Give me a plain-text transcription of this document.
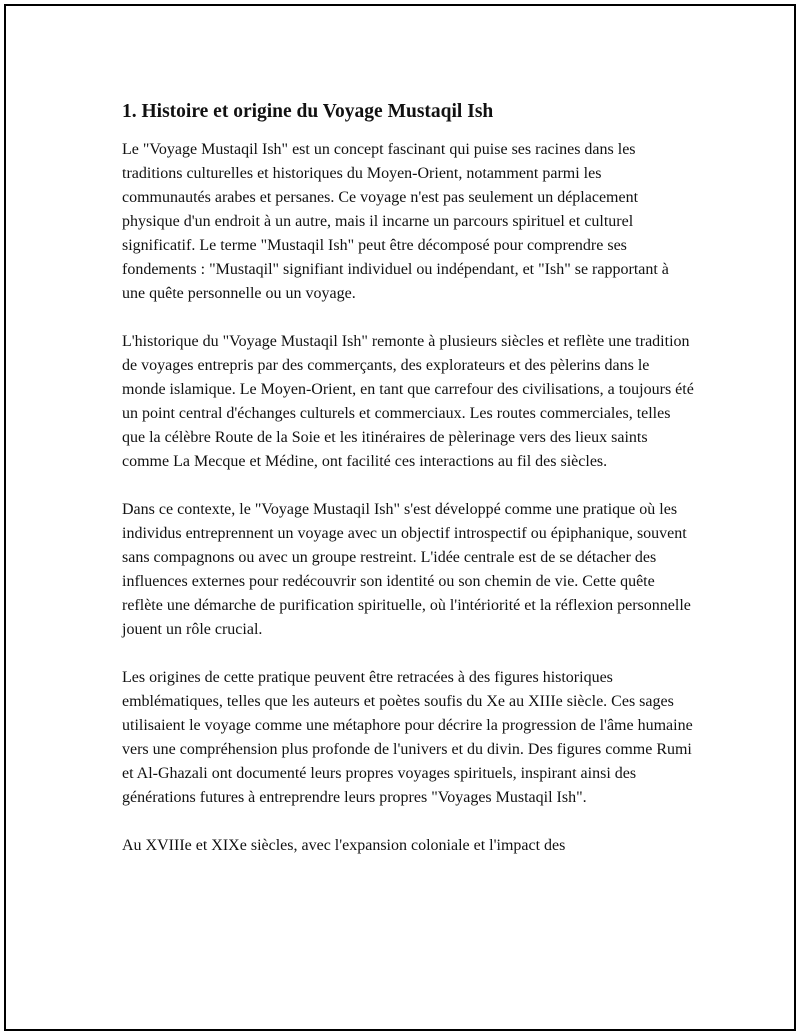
1. Histoire et origine du Voyage Mustaqil Ish

Le "Voyage Mustaqil Ish" est un concept fascinant qui puise ses racines dans les traditions culturelles et historiques du Moyen-Orient, notamment parmi les communautés arabes et persanes. Ce voyage n'est pas seulement un déplacement physique d'un endroit à un autre, mais il incarne un parcours spirituel et culturel significatif. Le terme "Mustaqil Ish" peut être décomposé pour comprendre ses fondements : "Mustaqil" signifiant individuel ou indépendant, et "Ish" se rapportant à une quête personnelle ou un voyage.

L'historique du "Voyage Mustaqil Ish" remonte à plusieurs siècles et reflète une tradition de voyages entrepris par des commerçants, des explorateurs et des pèlerins dans le monde islamique. Le Moyen-Orient, en tant que carrefour des civilisations, a toujours été un point central d'échanges culturels et commerciaux. Les routes commerciales, telles que la célèbre Route de la Soie et les itinéraires de pèlerinage vers des lieux saints comme La Mecque et Médine, ont facilité ces interactions au fil des siècles.

Dans ce contexte, le "Voyage Mustaqil Ish" s'est développé comme une pratique où les individus entreprennent un voyage avec un objectif introspectif ou épiphanique, souvent sans compagnons ou avec un groupe restreint. L'idée centrale est de se détacher des influences externes pour redécouvrir son identité ou son chemin de vie. Cette quête reflète une démarche de purification spirituelle, où l'intériorité et la réflexion personnelle jouent un rôle crucial.

Les origines de cette pratique peuvent être retracées à des figures historiques emblématiques, telles que les auteurs et poètes soufis du Xe au XIIIe siècle. Ces sages utilisaient le voyage comme une métaphore pour décrire la progression de l'âme humaine vers une compréhension plus profonde de l'univers et du divin. Des figures comme Rumi et Al-Ghazali ont documenté leurs propres voyages spirituels, inspirant ainsi des générations futures à entreprendre leurs propres "Voyages Mustaqil Ish".

Au XVIIIe et XIXe siècles, avec l'expansion coloniale et l'impact des
